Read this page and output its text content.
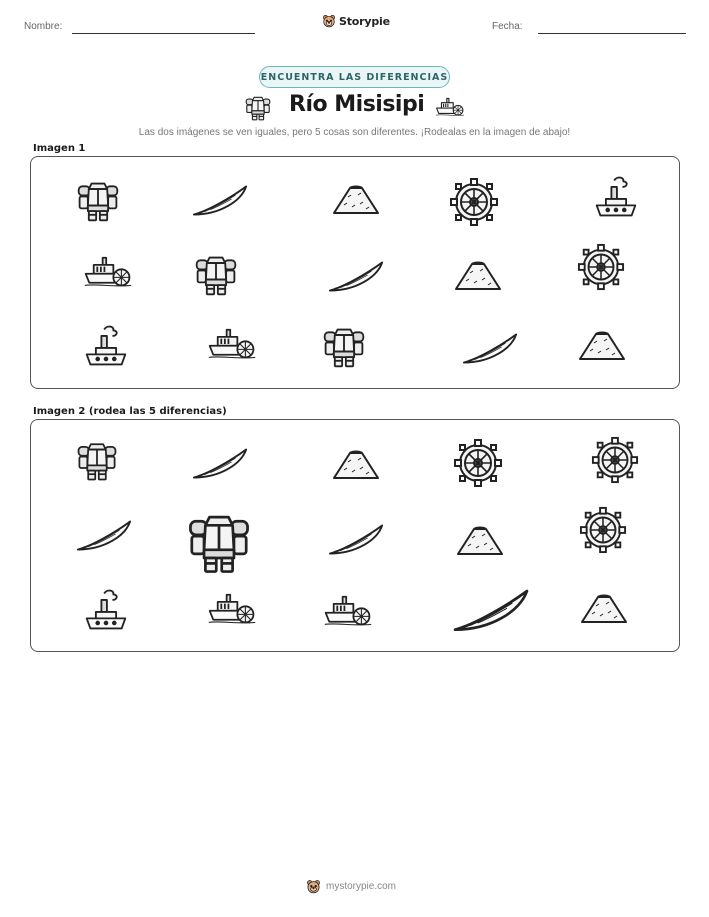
Nombre:	Storypie	Fecha:
ENCUENTRA LAS DIFERENCIAS
Río Misisipi

Las dos imágenes se ven iguales, pero 5 cosas son diferentes. ¡Rodealas en la imagen de abajo!

Imagen 1
Imagen 2 (rodea las 5 diferencias)
mystorypie.com
